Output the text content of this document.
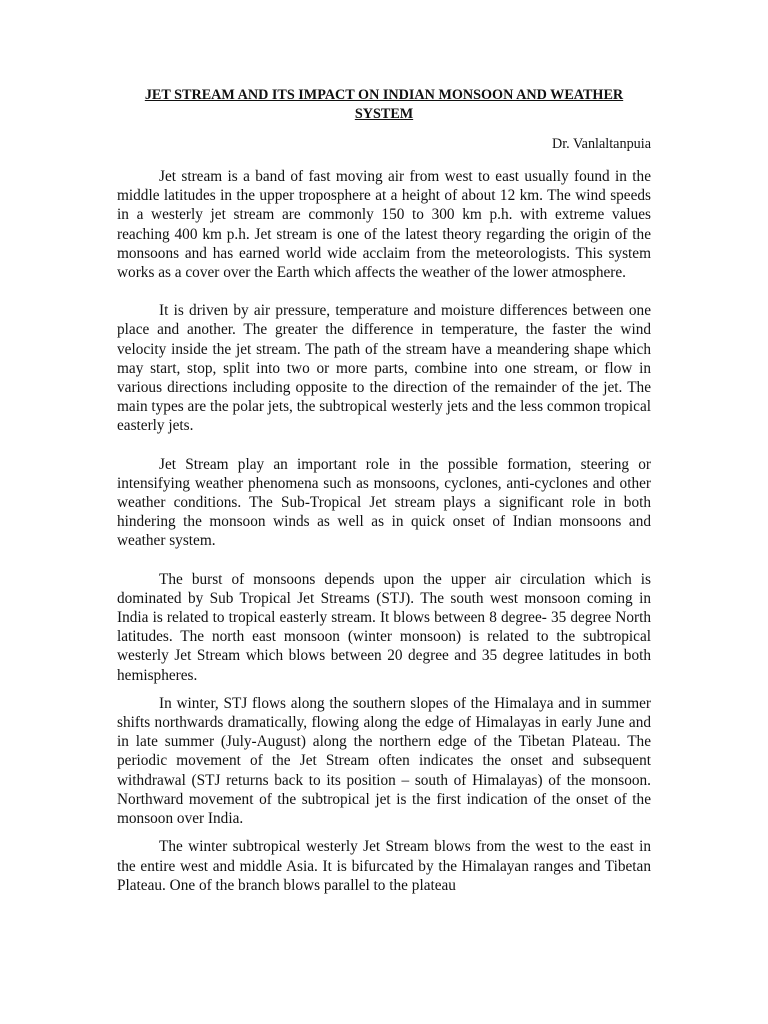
JET STREAM AND ITS IMPACT ON INDIAN MONSOON AND WEATHER SYSTEM

Dr. Vanlaltanpuia

Jet stream is a band of fast moving air from west to east usually found in the middle latitudes in the upper troposphere at a height of about 12 km. The wind speeds in a westerly jet stream are commonly 150 to 300 km p.h. with extreme values reaching 400 km p.h. Jet stream is one of the latest theory regarding the origin of the monsoons and has earned world wide acclaim from the meteorologists. This system works as a cover over the Earth which affects the weather of the lower atmosphere.

It is driven by air pressure, temperature and moisture differences between one place and another. The greater the difference in temperature, the faster the wind velocity inside the jet stream. The path of the stream have a meandering shape which may start, stop, split into two or more parts, combine into one stream, or flow in various directions including opposite to the direction of the remainder of the jet. The main types are the polar jets, the subtropical westerly jets and the less common tropical easterly jets.

Jet Stream play an important role in the possible formation, steering or intensifying weather phenomena such as monsoons, cyclones, anti-cyclones and other weather conditions. The Sub-Tropical Jet stream plays a significant role in both hindering the monsoon winds as well as in quick onset of Indian monsoons and weather system.

The burst of monsoons depends upon the upper air circulation which is dominated by Sub Tropical Jet Streams (STJ). The south west monsoon coming in India is related to tropical easterly stream. It blows between 8 degree- 35 degree North latitudes. The north east monsoon (winter monsoon) is related to the subtropical westerly Jet Stream which blows between 20 degree and 35 degree latitudes in both hemispheres.

In winter, STJ flows along the southern slopes of the Himalaya and in summer shifts northwards dramatically, flowing along the edge of Himalayas in early June and in late summer (July-August) along the northern edge of the Tibetan Plateau. The periodic movement of the Jet Stream often indicates the onset and subsequent withdrawal (STJ returns back to its position – south of Himalayas) of the monsoon. Northward movement of the subtropical jet is the first indication of the onset of the monsoon over India.

The winter subtropical westerly Jet Stream blows from the west to the east in the entire west and middle Asia. It is bifurcated by the Himalayan ranges and Tibetan Plateau. One of the branch blows parallel to the plateau
